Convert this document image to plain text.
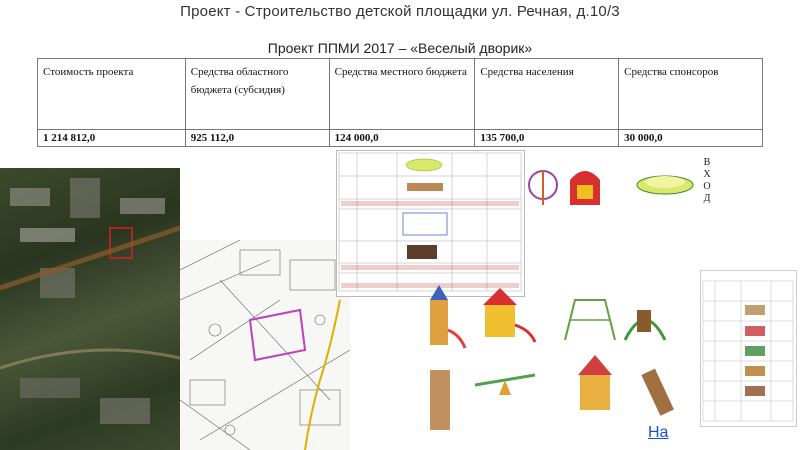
Проект - Строительство детской площадки ул. Речная, д.10/3
Проект ППМИ 2017 – «Веселый дворик»
Стоимость проекта	Средства областного бюджета (субсидия)	Средства местного бюджета	Средства населения	Средства спонсоров
1 214 812,0	925 112,0	124 000,0	135 700,0	30 000,0
В
Х
О
Д
На
